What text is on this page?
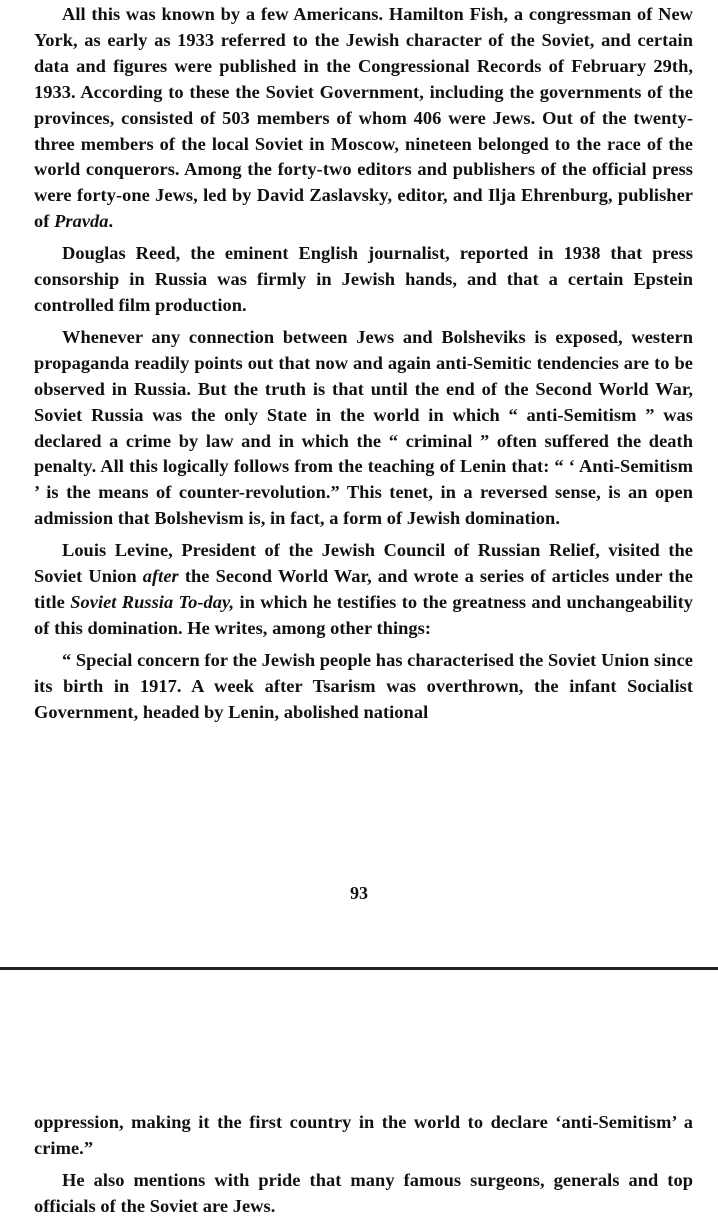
All this was known by a few Americans. Hamilton Fish, a congressman of New York, as early as 1933 referred to the Jewish character of the Soviet, and certain data and figures were published in the Congressional Records of February 29th, 1933. According to these the Soviet Government, including the governments of the provinces, consisted of 503 members of whom 406 were Jews. Out of the twenty-three members of the local Soviet in Moscow, nineteen belonged to the race of the world conquerors. Among the forty-two editors and publishers of the official press were forty-one Jews, led by David Zaslavsky, editor, and Ilja Ehrenburg, publisher of Pravda.

Douglas Reed, the eminent English journalist, reported in 1938 that press consorship in Russia was firmly in Jewish hands, and that a certain Epstein controlled film production.

Whenever any connection between Jews and Bolsheviks is exposed, western propaganda readily points out that now and again anti-Semitic tendencies are to be observed in Russia. But the truth is that until the end of the Second World War, Soviet Russia was the only State in the world in which “ anti-Semitism ” was declared a crime by law and in which the “ criminal ” often suffered the death penalty. All this logically follows from the teaching of Lenin that: “ ‘ Anti-Semitism ’ is the means of counter-revolution.” This tenet, in a reversed sense, is an open admission that Bolshevism is, in fact, a form of Jewish domination.

Louis Levine, President of the Jewish Council of Russian Relief, visited the Soviet Union after the Second World War, and wrote a series of articles under the title Soviet Russia To-day, in which he testifies to the greatness and unchangeability of this domination. He writes, among other things:

“ Special concern for the Jewish people has characterised the Soviet Union since its birth in 1917. A week after Tsarism was overthrown, the infant Socialist Government, headed by Lenin, abolished national

93

oppression, making it the first country in the world to declare ‘anti-Semitism’ a crime.”

He also mentions with pride that many famous surgeons, generals and top officials of the Soviet are Jews.
